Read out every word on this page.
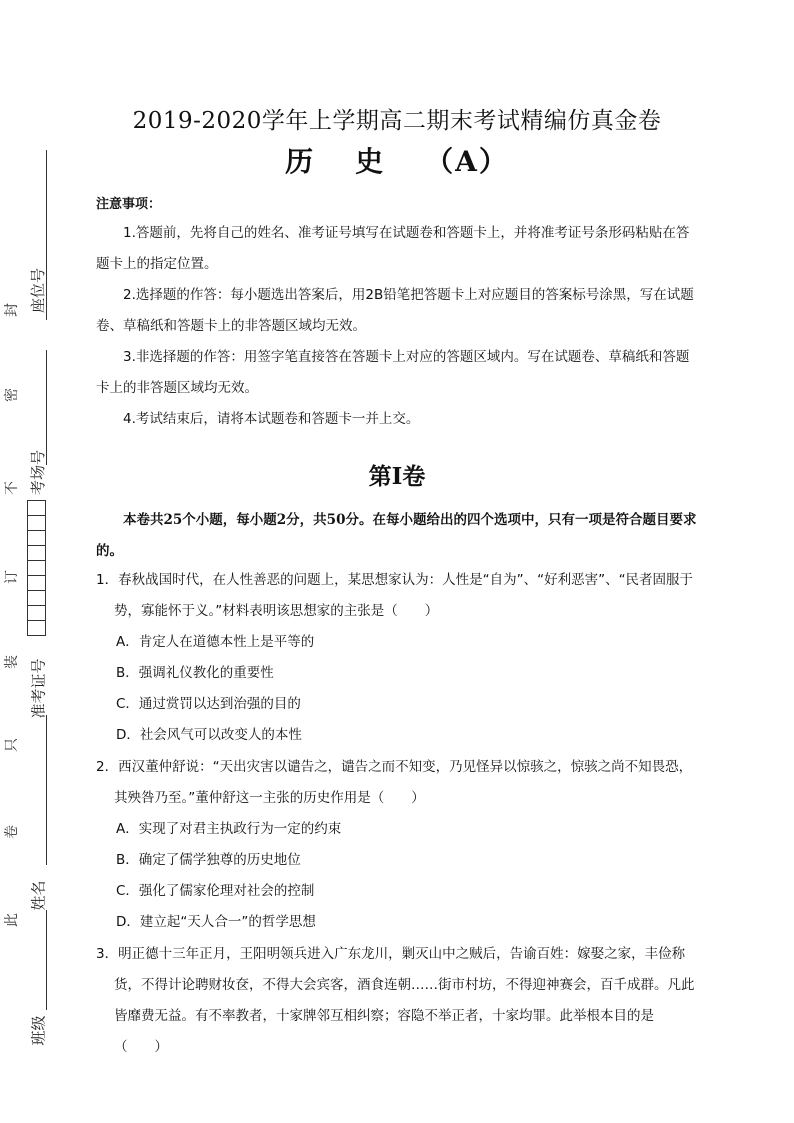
座位号
考场号
准考证号
姓名
班级
封
密
不
订
装
只
卷
此
2019-2020学年上学期高二期末考试精编仿真金卷
历 史 （A）
注意事项：
1.答题前，先将自己的姓名、准考证号填写在试题卷和答题卡上，并将准考证号条形码粘贴在答题卡上的指定位置。
2.选择题的作答：每小题选出答案后，用2B铅笔把答题卡上对应题目的答案标号涂黑，写在试题卷、草稿纸和答题卡上的非答题区域均无效。
3.非选择题的作答：用签字笔直接答在答题卡上对应的答题区域内。写在试题卷、草稿纸和答题卡上的非答题区域均无效。
4.考试结束后，请将本试题卷和答题卡一并上交。
第Ⅰ卷
本卷共25个小题，每小题2分，共50分。在每小题给出的四个选项中，只有一项是符合题目要求的。
1．春秋战国时代，在人性善恶的问题上，某思想家认为：人性是“自为”、“好利恶害”、“民者固服于势，寡能怀于义。”材料表明该思想家的主张是（　　）
A．肯定人在道德本性上是平等的
B．强调礼仪教化的重要性
C．通过赏罚以达到治强的目的
D．社会风气可以改变人的本性
2．西汉董仲舒说：“天出灾害以谴告之，谴告之而不知变，乃见怪异以惊骇之，惊骇之尚不知畏恐，其殃咎乃至。”董仲舒这一主张的历史作用是（　　）
A．实现了对君主执政行为一定的约束
B．确定了儒学独尊的历史地位
C．强化了儒家伦理对社会的控制
D．建立起“天人合一”的哲学思想
3．明正德十三年正月，王阳明领兵进入广东龙川，剿灭山中之贼后，告谕百姓：嫁娶之家，丰俭称货，不得计论聘财妆奁，不得大会宾客，酒食连朝……街市村坊，不得迎神赛会，百千成群。凡此皆靡费无益。有不率教者，十家牌邻互相纠察；容隐不举正者，十家均罪。此举根本目的是（　　）
